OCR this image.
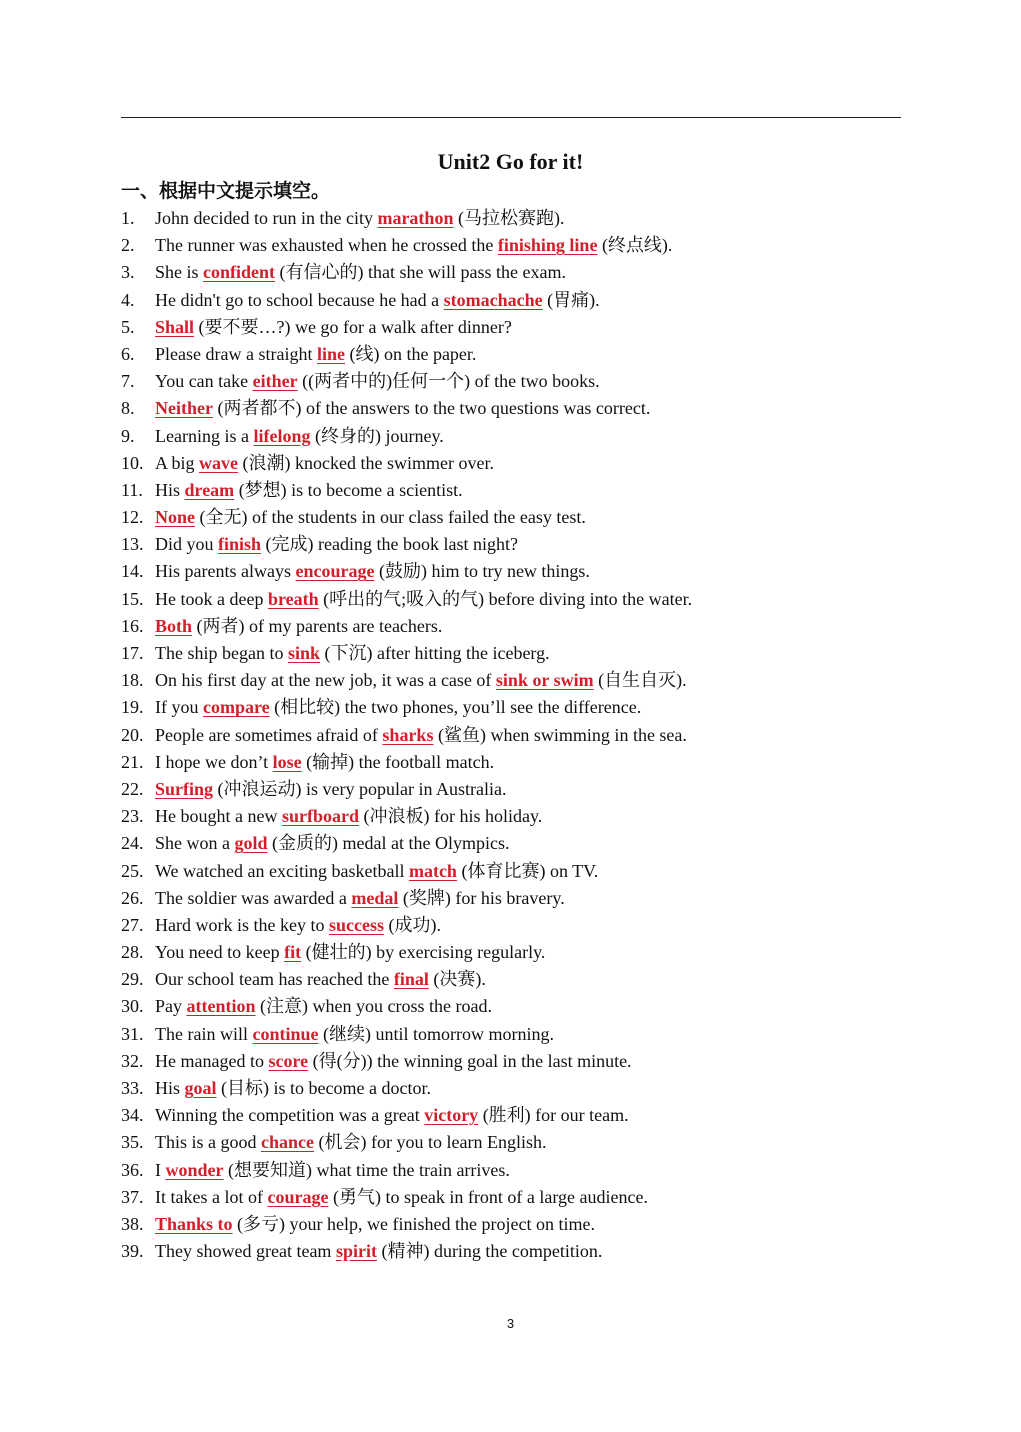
Unit2 Go for it!
一、根据中文提示填空。
1.	John decided to run in the city marathon (马拉松赛跑).
2.	The runner was exhausted when he crossed the finishing line (终点线).
3.	She is confident (有信心的) that she will pass the exam.
4.	He didn't go to school because he had a stomachache (胃痛).
5.	Shall (要不要…?) we go for a walk after dinner?
6.	Please draw a straight line (线) on the paper.
7.	You can take either ((两者中的)任何一个) of the two books.
8.	Neither (两者都不) of the answers to the two questions was correct.
9.	Learning is a lifelong (终身的) journey.
10. A big wave (浪潮) knocked the swimmer over.
11. His dream (梦想) is to become a scientist.
12. None (全无) of the students in our class failed the easy test.
13. Did you finish (完成) reading the book last night?
14. His parents always encourage (鼓励) him to try new things.
15. He took a deep breath (呼出的气;吸入的气) before diving into the water.
16. Both (两者) of my parents are teachers.
17. The ship began to sink (下沉) after hitting the iceberg.
18. On his first day at the new job, it was a case of sink or swim (自生自灭).
19. If you compare (相比较) the two phones, you’ll see the difference.
20. People are sometimes afraid of sharks (鲨鱼) when swimming in the sea.
21. I hope we don’t lose (输掉) the football match.
22. Surfing (冲浪运动) is very popular in Australia.
23. He bought a new surfboard (冲浪板) for his holiday.
24. She won a gold (金质的) medal at the Olympics.
25. We watched an exciting basketball match (体育比赛) on TV.
26. The soldier was awarded a medal (奖牌) for his bravery.
27. Hard work is the key to success (成功).
28. You need to keep fit (健壮的) by exercising regularly.
29. Our school team has reached the final (决赛).
30. Pay attention (注意) when you cross the road.
31. The rain will continue (继续) until tomorrow morning.
32. He managed to score (得(分)) the winning goal in the last minute.
33. His goal (目标) is to become a doctor.
34. Winning the competition was a great victory (胜利) for our team.
35. This is a good chance (机会) for you to learn English.
36. I wonder (想要知道) what time the train arrives.
37. It takes a lot of courage (勇气) to speak in front of a large audience.
38. Thanks to (多亏) your help, we finished the project on time.
39. They showed great team spirit (精神) during the competition.
3
